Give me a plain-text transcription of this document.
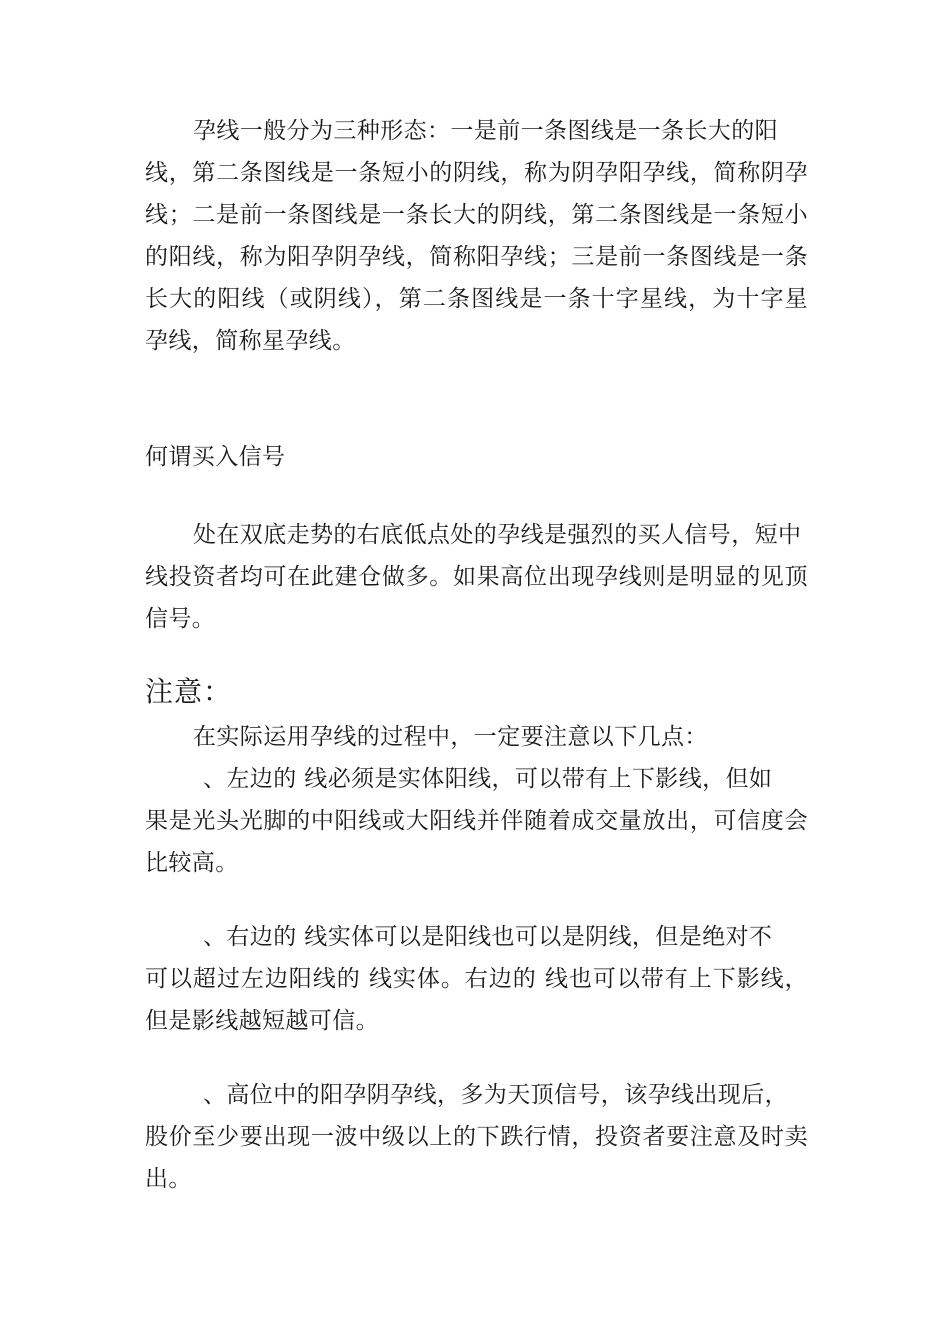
孕线一般分为三种形态：一是前一条图线是一条长大的阳
线，第二条图线是一条短小的阴线，称为阴孕阳孕线，简称阴孕
线；二是前一条图线是一条长大的阴线，第二条图线是一条短小
的阳线，称为阳孕阴孕线，简称阳孕线；三是前一条图线是一条
长大的阳线（或阴线），第二条图线是一条十字星线，为十字星
孕线，简称星孕线。
何谓买入信号
处在双底走势的右底低点处的孕线是强烈的买人信号，短中
线投资者均可在此建仓做多。如果高位出现孕线则是明显的见顶
信号。
注意：
在实际运用孕线的过程中，一定要注意以下几点：
、左边的 线必须是实体阳线，可以带有上下影线，但如
果是光头光脚的中阳线或大阳线并伴随着成交量放出，可信度会
比较高。
、右边的 线实体可以是阳线也可以是阴线，但是绝对不
可以超过左边阳线的 线实体。右边的 线也可以带有上下影线，
但是影线越短越可信。
、高位中的阳孕阴孕线，多为天顶信号，该孕线出现后，
股价至少要出现一波中级以上的下跌行情，投资者要注意及时卖
出。
